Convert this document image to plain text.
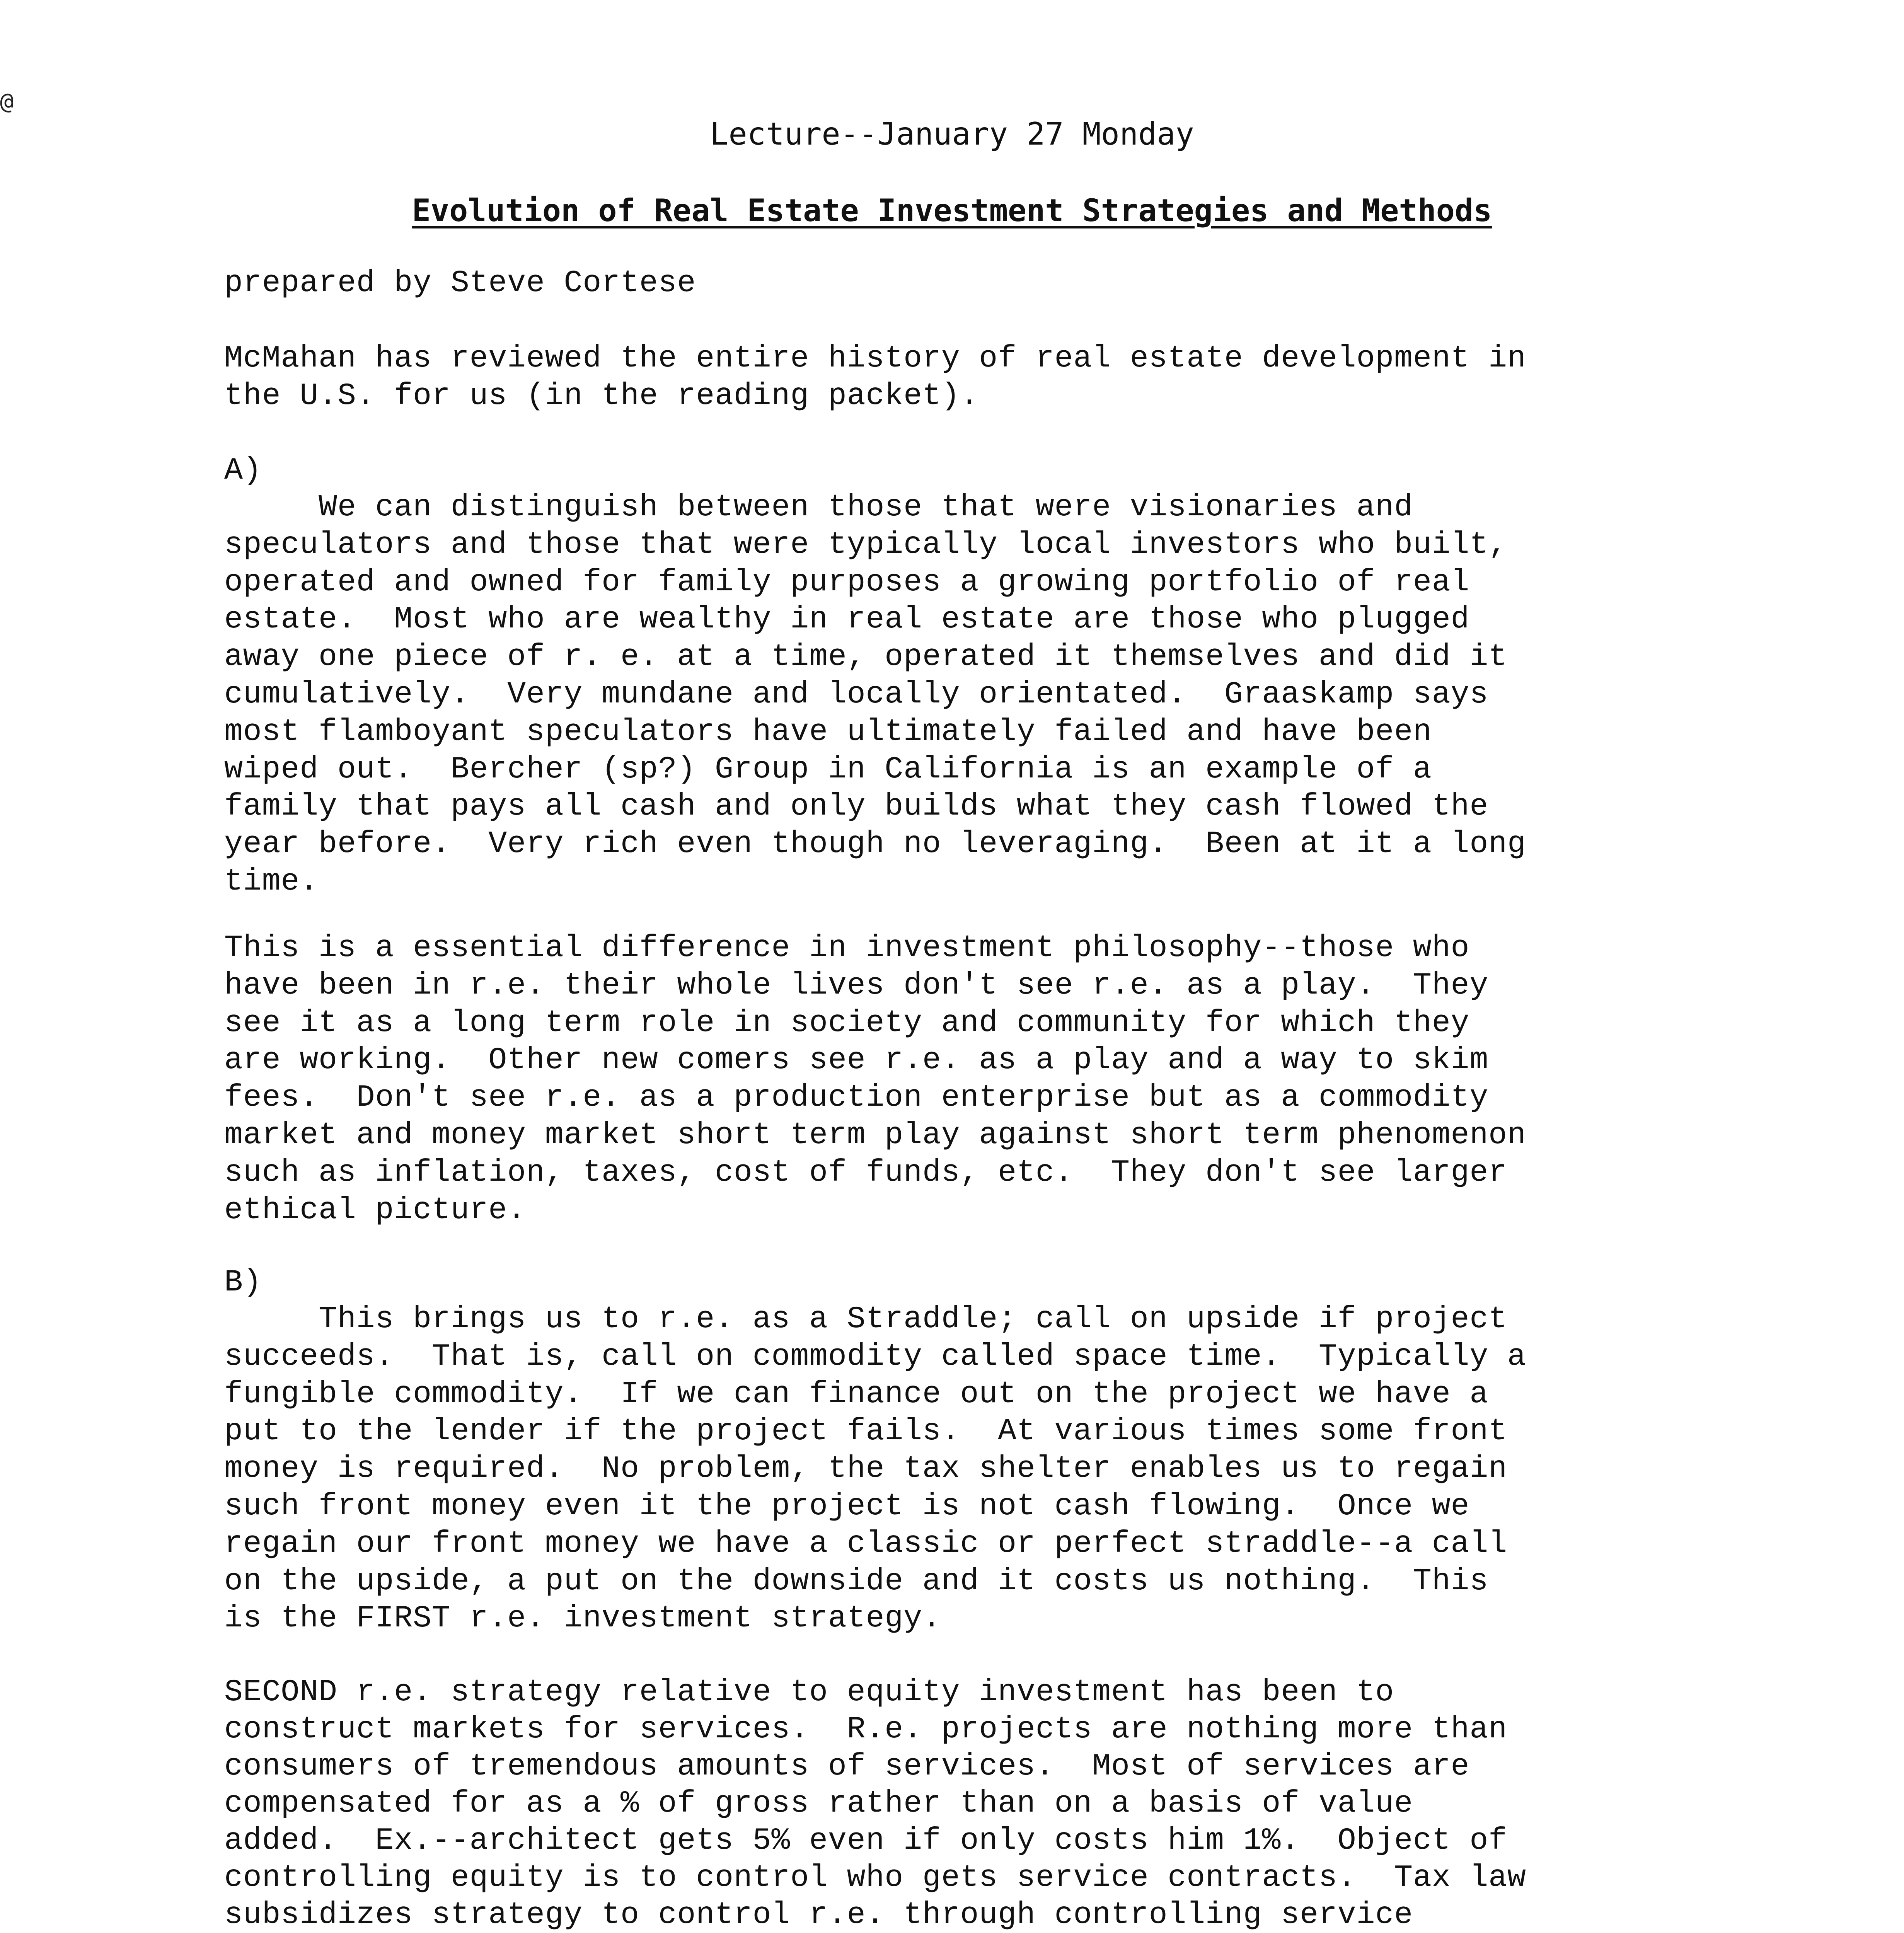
@
Lecture--January 27 Monday
Evolution of Real Estate Investment Strategies and Methods
prepared by Steve Cortese
McMahan has reviewed the entire history of real estate development in
the U.S. for us (in the reading packet).
A)
We can distinguish between those that were visionaries and
speculators and those that were typically local investors who built,
operated and owned for family purposes a growing portfolio of real
estate.  Most who are wealthy in real estate are those who plugged
away one piece of r. e. at a time, operated it themselves and did it
cumulatively.  Very mundane and locally orientated.  Graaskamp says
most flamboyant speculators have ultimately failed and have been
wiped out.  Bercher (sp?) Group in California is an example of a
family that pays all cash and only builds what they cash flowed the
year before.  Very rich even though no leveraging.  Been at it a long
time.
This is a essential difference in investment philosophy--those who
have been in r.e. their whole lives don't see r.e. as a play.  They
see it as a long term role in society and community for which they
are working.  Other new comers see r.e. as a play and a way to skim
fees.  Don't see r.e. as a production enterprise but as a commodity
market and money market short term play against short term phenomenon
such as inflation, taxes, cost of funds, etc.  They don't see larger
ethical picture.
B)
This brings us to r.e. as a Straddle; call on upside if project
succeeds.  That is, call on commodity called space time.  Typically a
fungible commodity.  If we can finance out on the project we have a
put to the lender if the project fails.  At various times some front
money is required.  No problem, the tax shelter enables us to regain
such front money even it the project is not cash flowing.  Once we
regain our front money we have a classic or perfect straddle--a call
on the upside, a put on the downside and it costs us nothing.  This
is the FIRST r.e. investment strategy.
SECOND r.e. strategy relative to equity investment has been to
construct markets for services.  R.e. projects are nothing more than
consumers of tremendous amounts of services.  Most of services are
compensated for as a % of gross rather than on a basis of value
added.  Ex.--architect gets 5% even if only costs him 1%.  Object of
controlling equity is to control who gets service contracts.  Tax law
subsidizes strategy to control r.e. through controlling service
